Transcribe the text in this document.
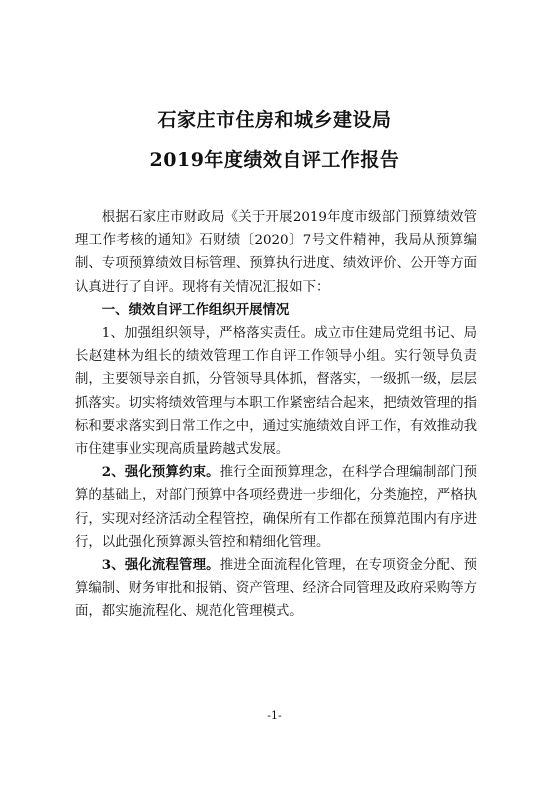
石家庄市住房和城乡建设局
2019年度绩效自评工作报告

根据石家庄市财政局《关于开展2019年度市级部门预算绩效管理工作考核的通知》石财绩〔2020〕7号文件精神，我局从预算编制、专项预算绩效目标管理、预算执行进度、绩效评价、公开等方面认真进行了自评。现将有关情况汇报如下：

一、绩效自评工作组织开展情况

1、加强组织领导，严格落实责任。成立市住建局党组书记、局长赵建林为组长的绩效管理工作自评工作领导小组。实行领导负责制，主要领导亲自抓，分管领导具体抓，督落实，一级抓一级，层层抓落实。切实将绩效管理与本职工作紧密结合起来，把绩效管理的指标和要求落实到日常工作之中，通过实施绩效自评工作，有效推动我市住建事业实现高质量跨越式发展。

2、强化预算约束。推行全面预算理念，在科学合理编制部门预算的基础上，对部门预算中各项经费进一步细化，分类施控，严格执行，实现对经济活动全程管控，确保所有工作都在预算范围内有序进行，以此强化预算源头管控和精细化管理。

3、强化流程管理。推进全面流程化管理，在专项资金分配、预算编制、财务审批和报销、资产管理、经济合同管理及政府采购等方面，都实施流程化、规范化管理模式。

-1-
